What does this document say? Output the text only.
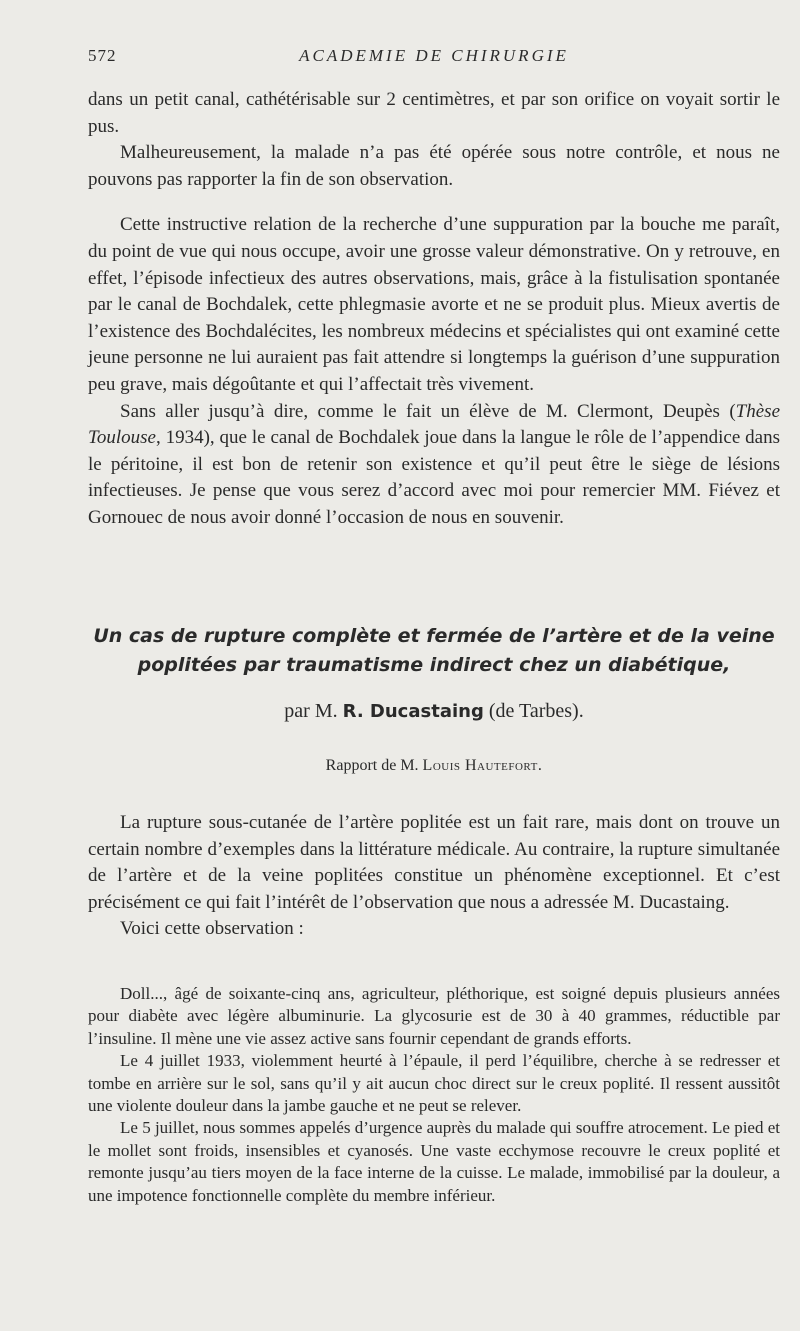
572	ACADEMIE DE CHIRURGIE

dans un petit canal, cathétérisable sur 2 centimètres, et par son orifice on voyait sortir le pus.

Malheureusement, la malade n’a pas été opérée sous notre contrôle, et nous ne pouvons pas rapporter la fin de son observation.

Cette instructive relation de la recherche d’une suppuration par la bouche me paraît, du point de vue qui nous occupe, avoir une grosse valeur démonstrative. On y retrouve, en effet, l’épisode infectieux des autres observations, mais, grâce à la fistulisation spontanée par le canal de Bochdalek, cette phlegmasie avorte et ne se produit plus. Mieux avertis de l’existence des Bochdalécites, les nombreux médecins et spécialistes qui ont examiné cette jeune personne ne lui auraient pas fait attendre si longtemps la guérison d’une suppuration peu grave, mais dégoûtante et qui l’affectait très vivement.

Sans aller jusqu’à dire, comme le fait un élève de M. Clermont, Deupès (Thèse Toulouse, 1934), que le canal de Bochdalek joue dans la langue le rôle de l’appendice dans le péritoine, il est bon de retenir son existence et qu’il peut être le siège de lésions infectieuses. Je pense que vous serez d’accord avec moi pour remercier MM. Fiévez et Gornouec de nous avoir donné l’occasion de nous en souvenir.

Un cas de rupture complète et fermée de l’artère et de la veine
poplitées par traumatisme indirect chez un diabétique,
par M. R. Ducastaing (de Tarbes).
Rapport de M. Louis Hautefort.

La rupture sous-cutanée de l’artère poplitée est un fait rare, mais dont on trouve un certain nombre d’exemples dans la littérature médicale. Au contraire, la rupture simultanée de l’artère et de la veine poplitées constitue un phénomène exceptionnel. Et c’est précisément ce qui fait l’intérêt de l’observation que nous a adressée M. Ducastaing.

Voici cette observation :

Doll..., âgé de soixante-cinq ans, agriculteur, pléthorique, est soigné depuis plusieurs années pour diabète avec légère albuminurie. La glycosurie est de 30 à 40 grammes, réductible par l’insuline. Il mène une vie assez active sans fournir cependant de grands efforts.

Le 4 juillet 1933, violemment heurté à l’épaule, il perd l’équilibre, cherche à se redresser et tombe en arrière sur le sol, sans qu’il y ait aucun choc direct sur le creux poplité. Il ressent aussitôt une violente douleur dans la jambe gauche et ne peut se relever.

Le 5 juillet, nous sommes appelés d’urgence auprès du malade qui souffre atrocement. Le pied et le mollet sont froids, insensibles et cyanosés. Une vaste ecchymose recouvre le creux poplité et remonte jusqu’au tiers moyen de la face interne de la cuisse. Le malade, immobilisé par la douleur, a une impotence fonctionnelle complète du membre inférieur.
